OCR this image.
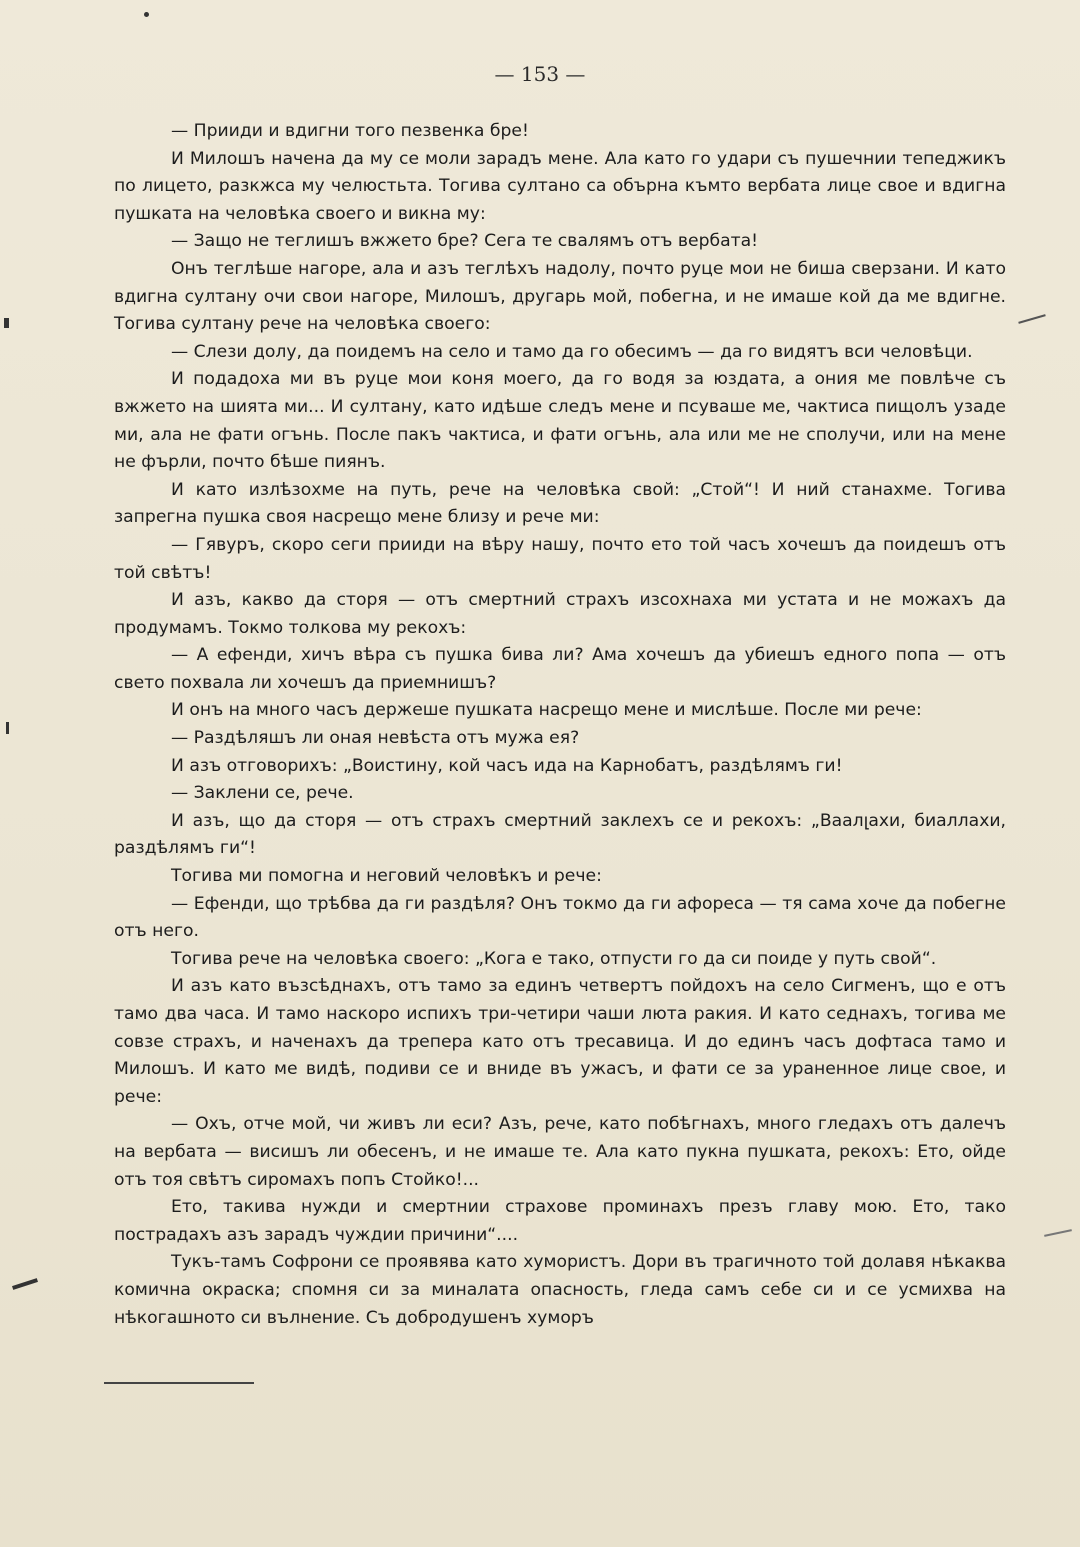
— 153 —

— Прииди и вдигни того пезвенка бре!

И Милошъ начена да му се моли зарадъ мене. Ала като го удари съ пушечнии тепеджикъ по лицето, разкжса му челюстьта. Тогива султано са обърна къмто вербата лице свое и вдигна пушката на человѣка своего и викна му:

— Защо не теглишъ вжжето бре? Сега те свалямъ отъ вербата!

Онъ теглѣше нагоре, ала и азъ теглѣхъ надолу, почто руце мои не биша сверзани. И като вдигна султану очи свои нагоре, Милошъ, другарь мой, побегна, и не имаше кой да ме вдигне. Тогива султану рече на человѣка своего:

— Слези долу, да поидемъ на село и тамо да го обесимъ — да го видятъ вси человѣци.

И подадоха ми въ руце мои коня моего, да го водя за юздата, а ония ме повлѣче съ вжжето на шията ми... И султану, като идѣше следъ мене и псуваше ме, чактиса пищолъ узаде ми, ала не фати огънь. После пакъ чактиса, и фати огънь, ала или ме не сполучи, или на мене не фърли, почто бѣше пиянъ.

И като излѣзохме на путь, рече на человѣка свой: „Стой“! И ний станахме. Тогива запрегна пушка своя насрещо мене близу и рече ми:

— Гявуръ, скоро сеги прииди на вѣру нашу, почто ето той часъ хочешъ да поидешъ отъ той свѣтъ!

И азъ, какво да сторя — отъ смертний страхъ изсохнаха ми устата и не можахъ да продумамъ. Токмо толкова му рекохъ:

— А ефенди, хичъ вѣра съ пушка бива ли? Ама хочешъ да убиешъ едного попа — отъ свето похвала ли хочешъ да приемнишъ?

И онъ на много часъ держеше пушката насрещо мене и мислѣше. После ми рече:

— Раздѣляшъ ли оная невѣста отъ мужа ея?

И азъ отговорихъ: „Воистину, кой часъ ида на Карнобатъ, раздѣлямъ ги!

— Заклени се, рече.

И азъ, що да сторя — отъ страхъ смертний заклехъ се и рекохъ: „Ваалլахи, биаллахи, раздѣлямъ ги“!

Тогива ми помогна и неговий человѣкъ и рече:

— Ефенди, що трѣбва да ги раздѣля? Онъ токмо да ги афореса — тя сама хоче да побегне отъ него.

Тогива рече на человѣка своего: „Кога е тако, отпусти го да си поиде у путь свой“.

И азъ като възсѣднахъ, отъ тамо за единъ четвертъ пойдохъ на село Сигменъ, що е отъ тамо два часа. И тамо наскоро испихъ три-четири чаши люта ракия. И като седнахъ, тогива ме совзе страхъ, и наченахъ да трепера като отъ тресавица. И до единъ часъ дофтаса тамо и Милошъ. И като ме видѣ, подиви се и вниде въ ужасъ, и фати се за ураненное лице свое, и рече:

— Охъ, отче мой, чи живъ ли еси? Азъ, рече, като побѣгнахъ, много гледахъ отъ далечъ на вербата — висишъ ли обесенъ, и не имаше те. Ала като пукна пушката, рекохъ: Ето, ойде отъ тоя свѣтъ сиромахъ попъ Стойко!...

Ето, такива нужди и смертнии страхове проминахъ презъ главу мою. Ето, тако пострадахъ азъ зарадъ чуждии причини“....

Тукъ-тамъ Софрони се проявява като хумористъ. Дори въ трагичното той долавя нѣкаква комична окраска; спомня си за миналата опасность, гледа самъ себе си и се усмихва на нѣкогашното си вълнение. Съ добродушенъ хуморъ
